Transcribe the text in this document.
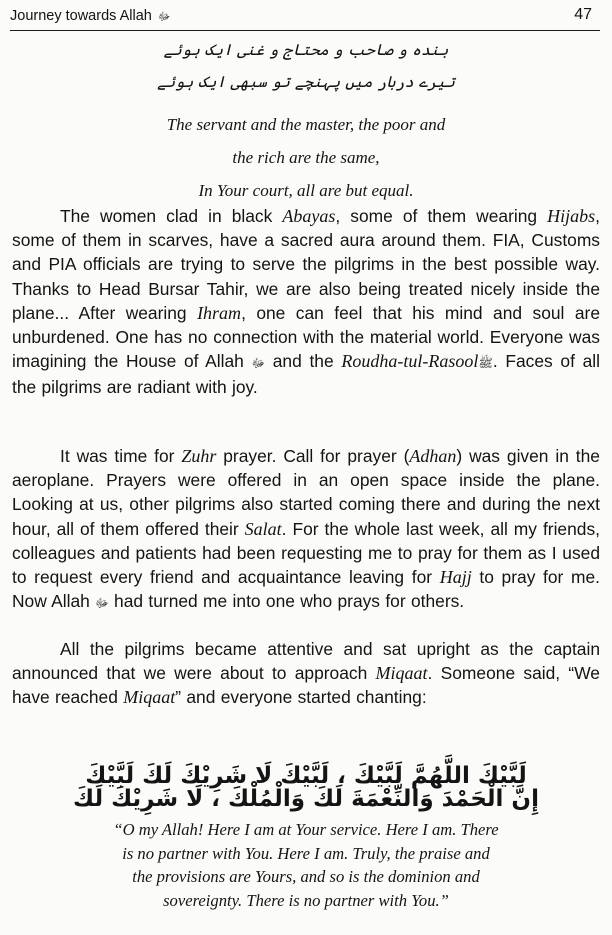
Journey towards Allah ﷻ	47
بندہ و صاحب و محتاج و غنی ایک ہوئے
تیرے دربار میں پہنچے تو سبھی ایک ہوئے
The servant and the master, the poor and
the rich are the same,
In Your court, all are but equal.
The women clad in black Abayas, some of them wearing Hijabs, some of them in scarves, have a sacred aura around them. FIA, Customs and PIA officials are trying to serve the pilgrims in the best possible way. Thanks to Head Bursar Tahir, we are also being treated nicely inside the plane... After wearing Ihram, one can feel that his mind and soul are unburdened. One has no connection with the material world. Everyone was imagining the House of Allah ﷻ and the Roudha-tul-Rasoolﷺ. Faces of all the pilgrims are radiant with joy.
It was time for Zuhr prayer. Call for prayer (Adhan) was given in the aeroplane. Prayers were offered in an open space inside the plane. Looking at us, other pilgrims also started coming there and during the next hour, all of them offered their Salat. For the whole last week, all my friends, colleagues and patients had been requesting me to pray for them as I used to request every friend and acquaintance leaving for Hajj to pray for me. Now Allah ﷻ had turned me into one who prays for others.
All the pilgrims became attentive and sat upright as the captain announced that we were about to approach Miqaat. Someone said, “We have reached Miqaat” and everyone started chanting:
لَبَّيْكَ اللَّهُمَّ لَبَّيْكَ ، لَبَّيْكَ لَا شَرِيْكَ لَكَ لَبَّيْكَ
إِنَّ الْحَمْدَ وَالنِّعْمَةَ لَكَ وَالْمُلْكَ ، لَا شَرِيْكَ لَكَ
“O my Allah! Here I am at Your service. Here I am. There
is no partner with You. Here I am. Truly, the praise and
the provisions are Yours, and so is the dominion and
sovereignty. There is no partner with You.”
